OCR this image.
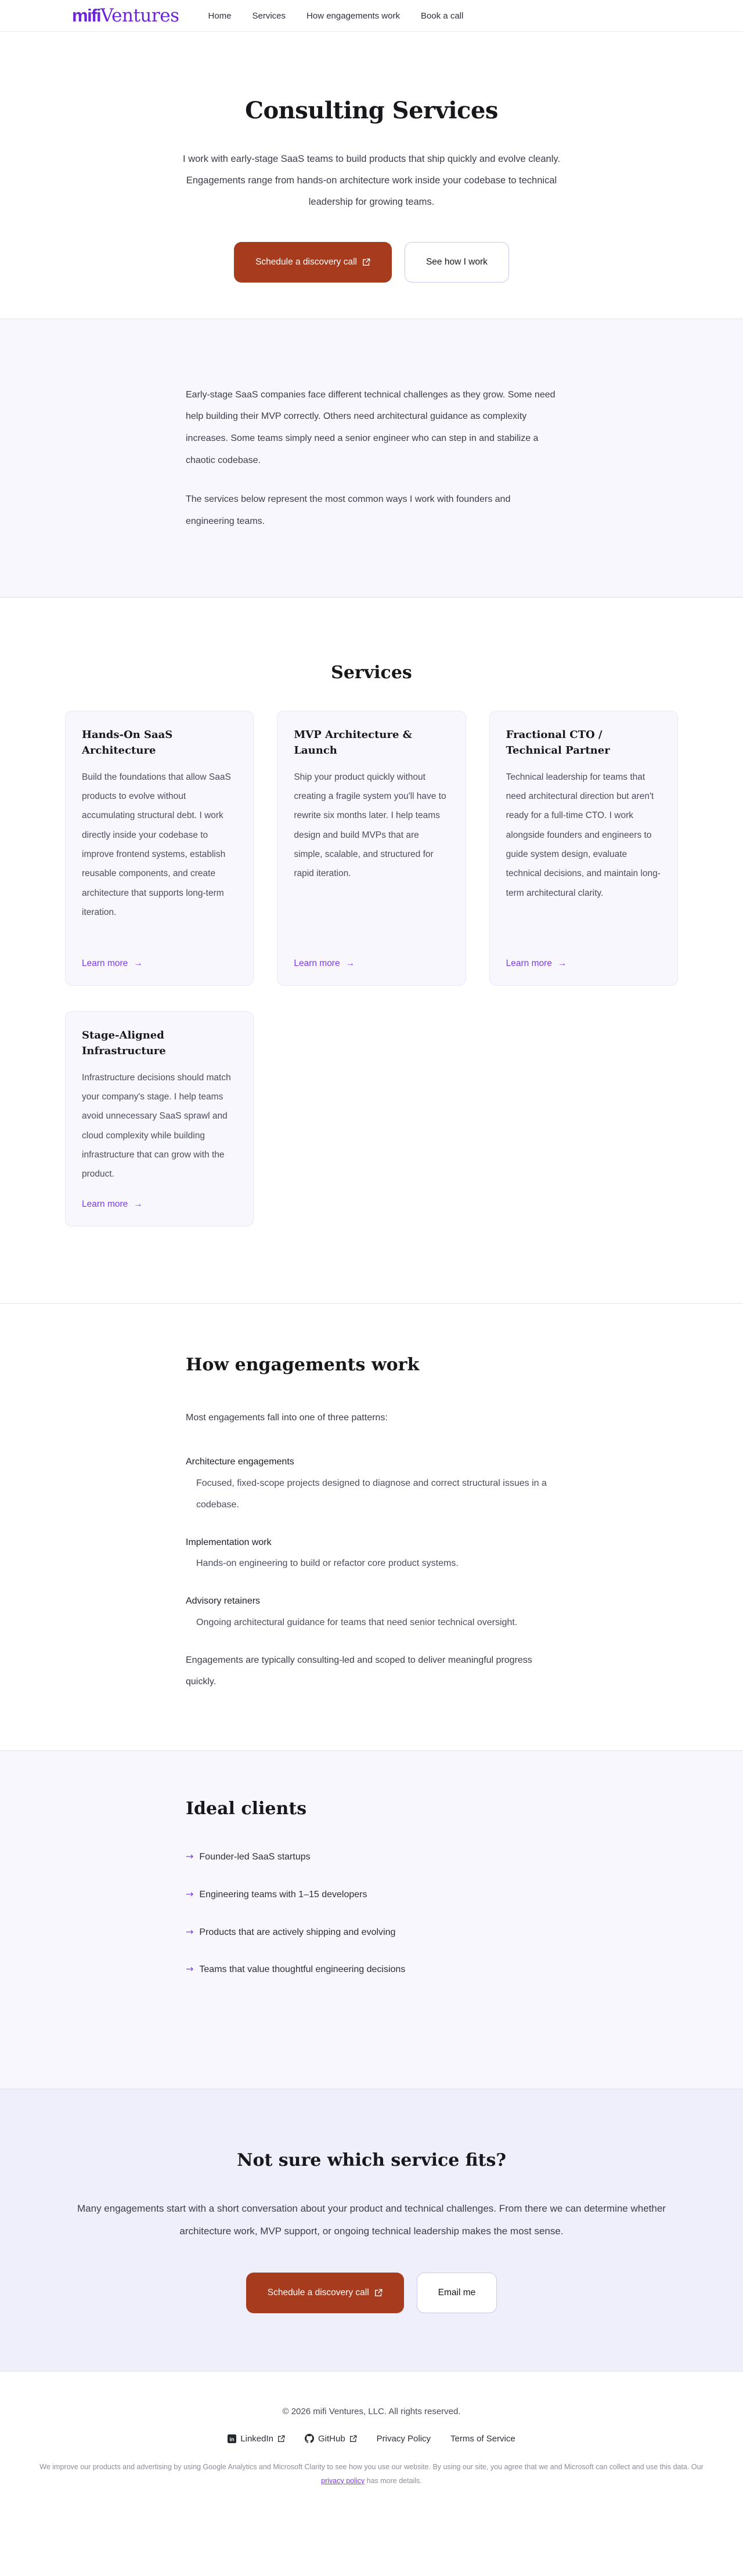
mifi Ventures	Home Services How engagements work Book a call
Consulting Services

I work with early-stage SaaS teams to build products that ship quickly and evolve cleanly. Engagements range from hands-on architecture work inside your codebase to technical leadership for growing teams.

Schedule a discovery call	See how I work

Early-stage SaaS companies face different technical challenges as they grow. Some need help building their MVP correctly. Others need architectural guidance as complexity increases. Some teams simply need a senior engineer who can step in and stabilize a chaotic codebase.

The services below represent the most common ways I work with founders and engineering teams.

Services
Hands-On SaaS Architecture

Build the foundations that allow SaaS products to evolve without accumulating structural debt. I work directly inside your codebase to improve frontend systems, establish reusable components, and create architecture that supports long-term iteration.

Learn more →
MVP Architecture & Launch

Ship your product quickly without creating a fragile system you'll have to rewrite six months later. I help teams design and build MVPs that are simple, scalable, and structured for rapid iteration.

Learn more →
Fractional CTO / Technical Partner

Technical leadership for teams that need architectural direction but aren't ready for a full-time CTO. I work alongside founders and engineers to guide system design, evaluate technical decisions, and maintain long-term architectural clarity.

Learn more →
Stage-Aligned Infrastructure

Infrastructure decisions should match your company's stage. I help teams avoid unnecessary SaaS sprawl and cloud complexity while building infrastructure that can grow with the product.

Learn more →
How engagements work

Most engagements fall into one of three patterns:

Architecture engagements

Focused, fixed-scope projects designed to diagnose and correct structural issues in a codebase.

Implementation work

Hands-on engineering to build or refactor core product systems.

Advisory retainers

Ongoing architectural guidance for teams that need senior technical oversight.

Engagements are typically consulting-led and scoped to deliver meaningful progress quickly.

Ideal clients
→ Founder-led SaaS startups
→ Engineering teams with 1–15 developers
→ Products that are actively shipping and evolving
→ Teams that value thoughtful engineering decisions
Not sure which service fits?

Many engagements start with a short conversation about your product and technical challenges. From there we can determine whether architecture work, MVP support, or ongoing technical leadership makes the most sense.

Schedule a discovery call	Email me

© 2026 mifi Ventures, LLC. All rights reserved.

in LinkedIn	GitHub	Privacy Policy Terms of Service

We improve our products and advertising by using Google Analytics and Microsoft Clarity to see how you use our website. By using our site, you agree that we and Microsoft can collect and use this data. Our privacy policy has more details.
